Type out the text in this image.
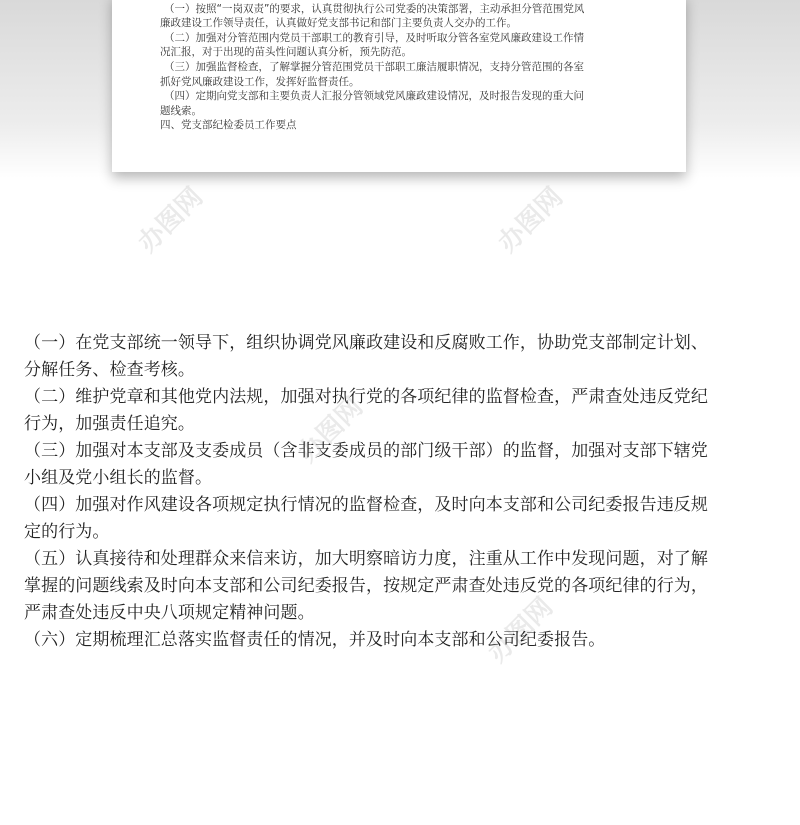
（一）按照“一岗双责”的要求，认真贯彻执行公司党委的决策部署，主动承担分管范围党风
廉政建设工作领导责任，认真做好党支部书记和部门主要负责人交办的工作。
（二）加强对分管范围内党员干部职工的教育引导，及时听取分管各室党风廉政建设工作情
况汇报，对于出现的苗头性问题认真分析，预先防范。
（三）加强监督检查，了解掌握分管范围党员干部职工廉洁履职情况，支持分管范围的各室
抓好党风廉政建设工作，发挥好监督责任。
（四）定期向党支部和主要负责人汇报分管领域党风廉政建设情况，及时报告发现的重大问
题线索。
四、党支部纪检委员工作要点
办图网	办图网
办图网
办图网
（一）在党支部统一领导下，组织协调党风廉政建设和反腐败工作，协助党支部制定计划、
分解任务、检查考核。
（二）维护党章和其他党内法规，加强对执行党的各项纪律的监督检查，严肃查处违反党纪
行为，加强责任追究。
（三）加强对本支部及支委成员（含非支委成员的部门级干部）的监督，加强对支部下辖党
小组及党小组长的监督。
（四）加强对作风建设各项规定执行情况的监督检查，及时向本支部和公司纪委报告违反规
定的行为。
（五）认真接待和处理群众来信来访，加大明察暗访力度，注重从工作中发现问题，对了解
掌握的问题线索及时向本支部和公司纪委报告，按规定严肃查处违反党的各项纪律的行为，
严肃查处违反中央八项规定精神问题。
（六）定期梳理汇总落实监督责任的情况，并及时向本支部和公司纪委报告。
